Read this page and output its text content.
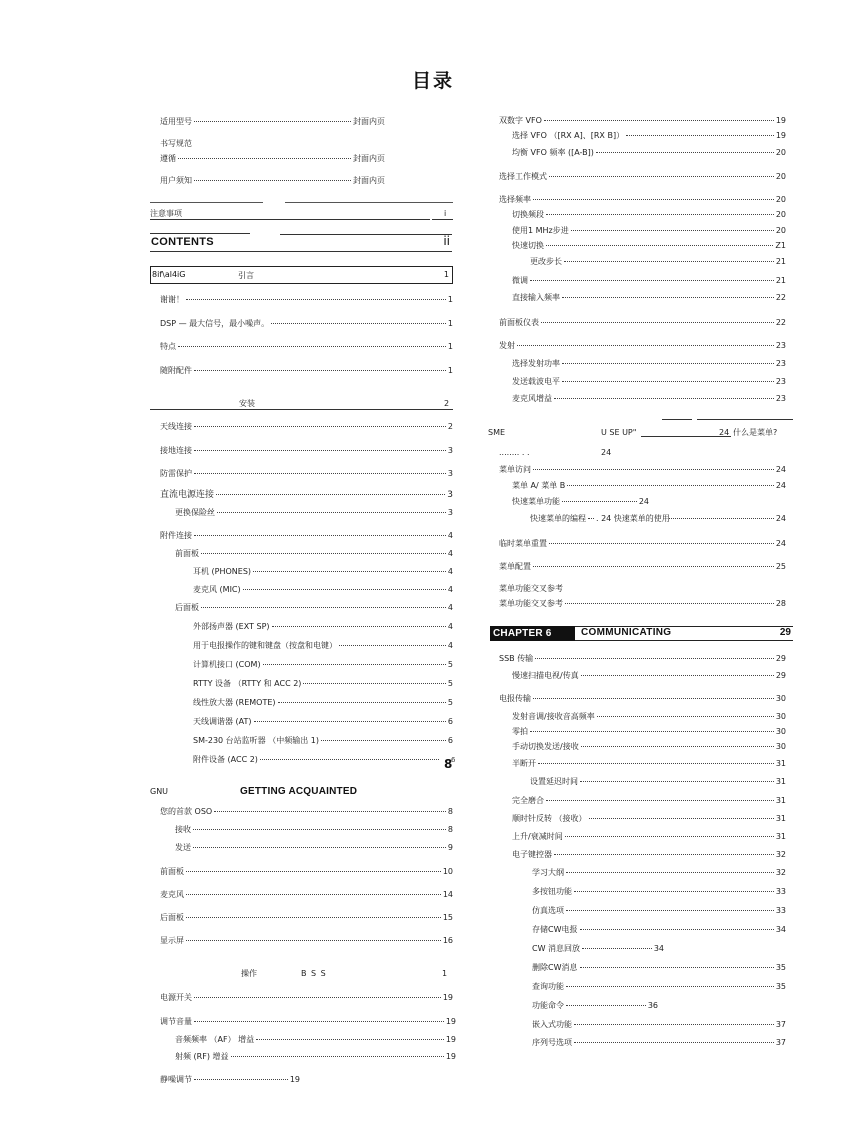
目录
适用型号	封面内页
书写规范
遵循	封面内页
用户须知	封面内页
注意事项	i
CONTENTS	ii
8if\al4iG	引言	1
谢谢！	1
DSP — 最大信号，最小噪声。	1
特点	1
随附配件	1
安装	2
天线连接	2
接地连接	3
防雷保护	3
直流电源连接	3
更换保险丝	3
附件连接	4
前面板	4
耳机 (PHONES)	4
麦克风 (MIC)	4
后面板	4
外部扬声器 (EXT SP)	4
用于电报操作的键和键盘（按盘和电键）	4
计算机接口 (COM)	5
RTTY 设备 （RTTY 和 ACC 2)	5
线性放大器 (REMOTE)	5
天线调谐器 (AT)	6
SM-230 台站监听器 （中频输出 1)	6
附件设备 (ACC 2)	8
6
GNU	GETTING ACQUAINTED
您的首款 OSO	8
接收	8
发送	9
前面板	10
麦克风	14
后面板	15
显示屏	16
操作	B S S	1
电源开关	19
调节音量	19
音频频率 （AF） 增益	19
射频 (RF) 增益	19
静噪调节	19
双数字 VFO	19
选择 VFO （[RX A]、[RX B]）	19
均衡 VFO 频率 ([A-B])	20
选择工作模式	20
选择频率	20
切换频段	20
使用1 MHz步进	20
快速切换	Z1
更改步长	21
微调	21
直接输入频率	22
前面板仪表	22
发射	23
选择发射功率	23
发送载波电平	23
麦克风增益	23
SME	U SE UP"	24 什么是菜单?
........ . .	24
菜单访问	24
菜单 A/ 菜单 B	24
快速菜单功能	24
快速菜单的编程 . 24 快速菜单的使用	24
临时菜单重置	24
菜单配置	25
菜单功能交叉参考
菜单功能交叉参考	28
CHAPTER 6	COMMUNICATING	29
SSB 传输	29
慢速扫描电视/传真	29
电报传输	30
发射音调/接收音高频率	30
零拍	30
手动切换发送/接收	30
半断开	31
设置延迟时间	31
完全磨合	31
顺时针反转 （接收）	31
上升/衰减时间	31
电子键控器	32
学习大纲	32
多按钮功能	33
仿真选项	33
存储CW电报	34
CW 消息回放	34
删除CW消息	35
查询功能	35
功能命令	36
嵌入式功能	37
序列号选项	37
